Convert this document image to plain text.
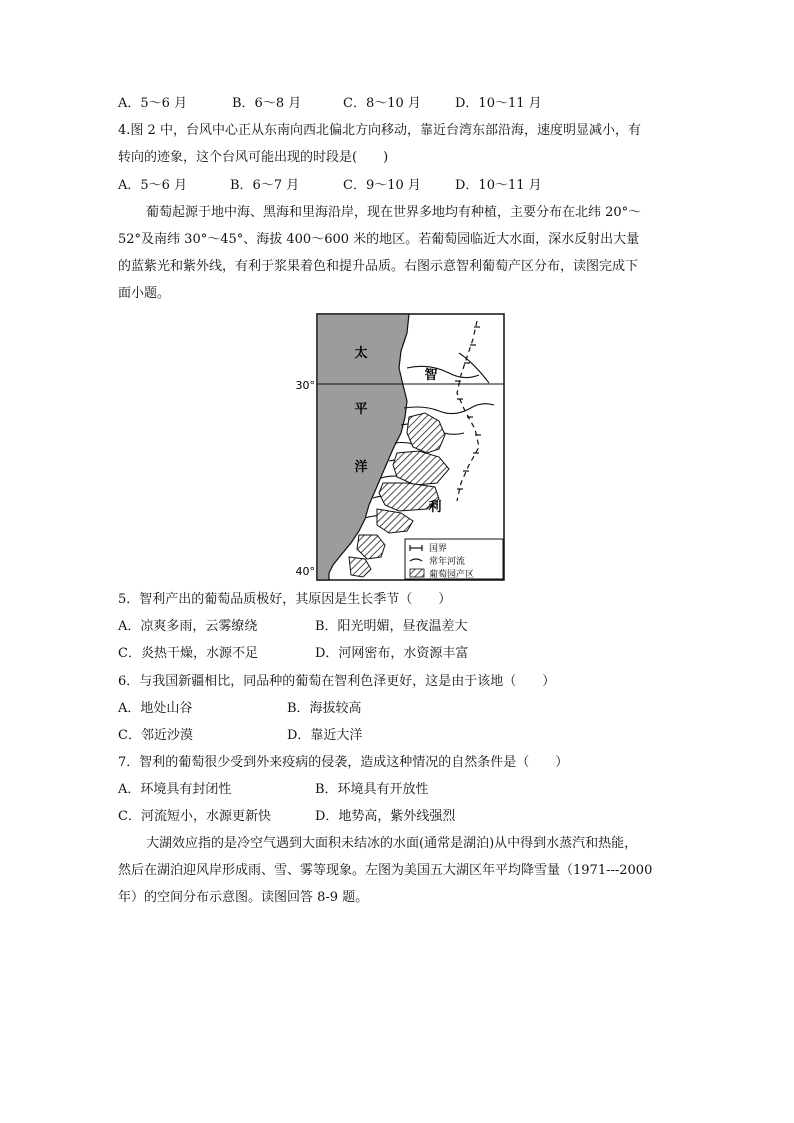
A．5～6 月	B．6～8 月	C．8～10 月	D．10～11 月
4.图 2 中，台风中心正从东南向西北偏北方向移动，靠近台湾东部沿海，速度明显减小，有
转向的迹象，这个台风可能出现的时段是(　　)
A．5～6 月	B．6～7 月	C．9～10 月	D．10～11 月
葡萄起源于地中海、黑海和里海沿岸，现在世界多地均有种植，主要分布在北纬 20°～
52°及南纬 30°～45°、海拔 400～600 米的地区。若葡萄园临近大水面，深水反射出大量
的蓝紫光和紫外线，有利于浆果着色和提升品质。右图示意智利葡萄产区分布，读图完成下
面小题。
太
平
洋
智
利
30°
40°
国界
常年河流
葡萄园产区
5．智利产出的葡萄品质极好，其原因是生长季节（　　）
A．凉爽多雨，云雾缭绕	B．阳光明媚，昼夜温差大
C．炎热干燥，水源不足	D．河网密布，水资源丰富
6．与我国新疆相比，同品种的葡萄在智利色泽更好，这是由于该地（　　）
A．地处山谷	B．海拔较高
C．邻近沙漠	D．靠近大洋
7．智利的葡萄很少受到外来疫病的侵袭，造成这种情况的自然条件是（　　）
A．环境具有封闭性	B．环境具有开放性
C．河流短小，水源更新快	D．地势高，紫外线强烈
大湖效应指的是冷空气遇到大面积未结冰的水面(通常是湖泊)从中得到水蒸汽和热能，
然后在湖泊迎风岸形成雨、雪、雾等现象。左图为美国五大湖区年平均降雪量（1971---2000
年）的空间分布示意图。读图回答 8-9 题。
